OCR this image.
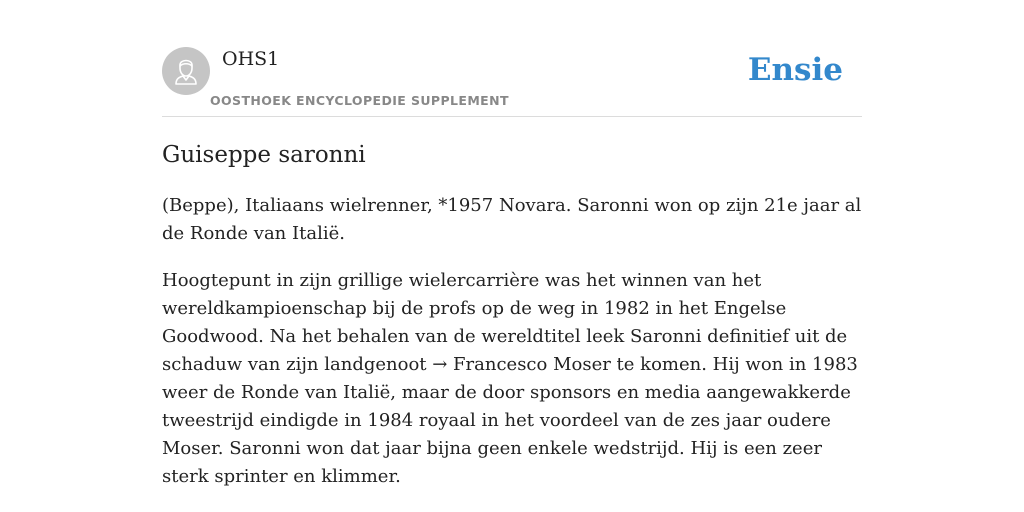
OHS1
OOSTHOEK ENCYCLOPEDIE SUPPLEMENT
Ensie
Guiseppe saronni

(Beppe), Italiaans wielrenner, *1957 Novara. Saronni won op zijn 21e jaar al de Ronde van Italië.

Hoogtepunt in zijn grillige wielercarrière was het winnen van het wereldkampioenschap bij de profs op de weg in 1982 in het Engelse Goodwood. Na het behalen van de wereldtitel leek Saronni definitief uit de schaduw van zijn landgenoot → Francesco Moser te komen. Hij won in 1983 weer de Ronde van Italië, maar de door sponsors en media aangewakkerde tweestrijd eindigde in 1984 royaal in het voordeel van de zes jaar oudere Moser. Saronni won dat jaar bijna geen enkele wedstrijd. Hij is een zeer sterk sprinter en klimmer.
